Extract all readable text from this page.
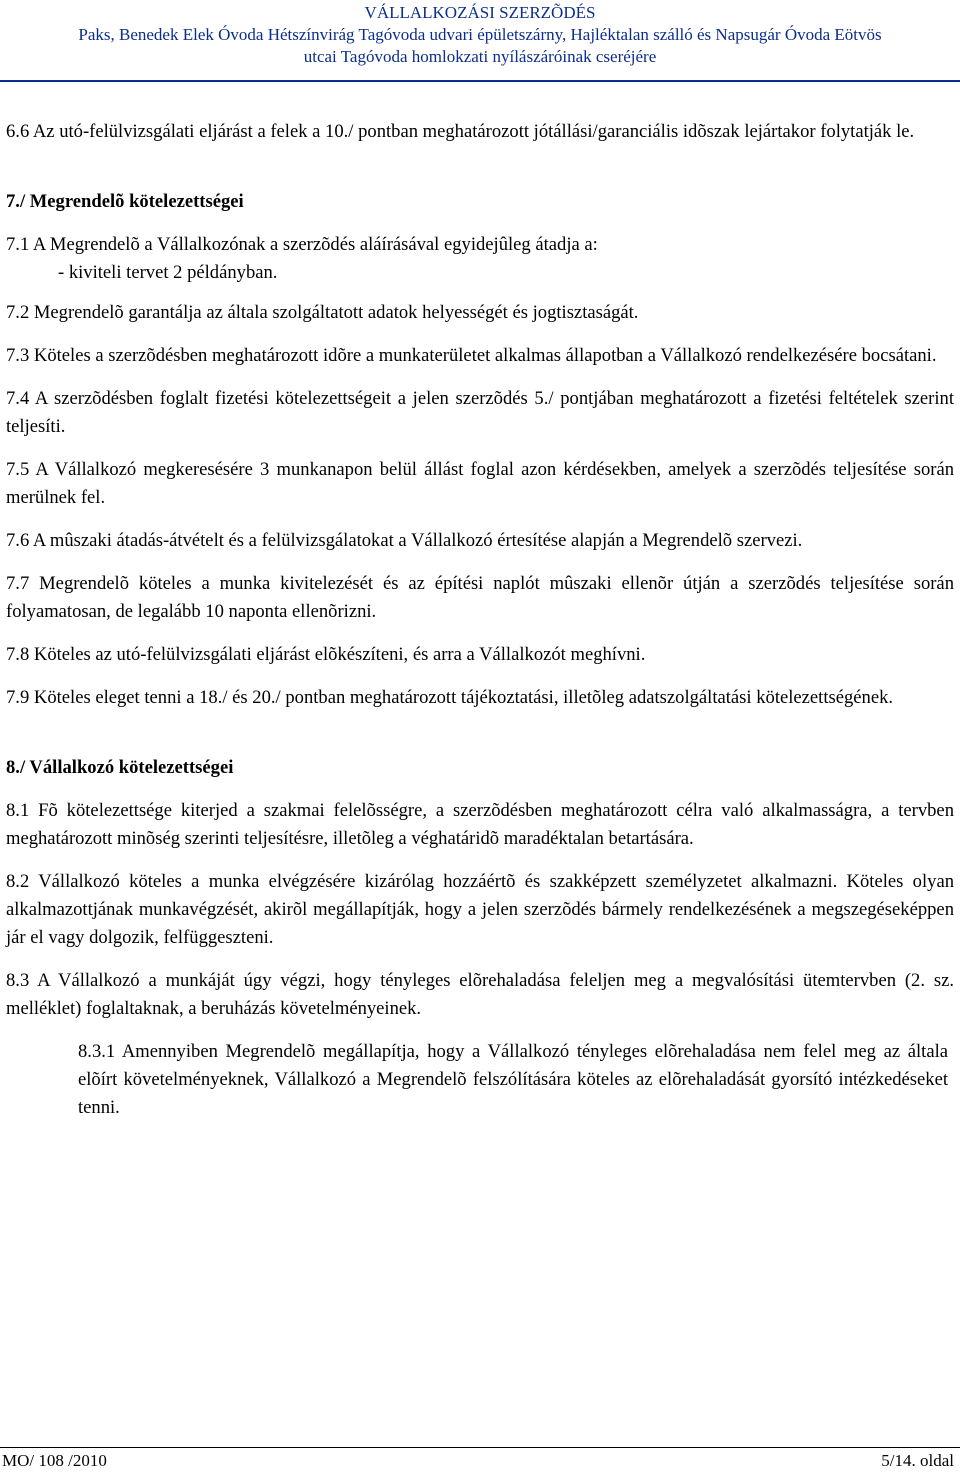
VÁLLALKOZÁSI SZERZÕDÉS
Paks, Benedek Elek Óvoda Hétszínvirág Tagóvoda udvari épületszárny, Hajléktalan szálló és Napsugár Óvoda Eötvös
utcai Tagóvoda homlokzati nyílászáróinak cseréjére

6.6 Az utó-felülvizsgálati eljárást a felek a 10./ pontban meghatározott jótállási/garanciális idõszak lejártakor folytatják le.

7./ Megrendelõ kötelezettségei

7.1 A Megrendelõ a Vállalkozónak a szerzõdés aláírásával egyidejûleg átadja a:

- kiviteli tervet 2 példányban.

7.2 Megrendelõ garantálja az általa szolgáltatott adatok helyességét és jogtisztaságát.

7.3 Köteles a szerzõdésben meghatározott idõre a munkaterületet alkalmas állapotban a Vállalkozó rendelkezésére bocsátani.

7.4 A szerzõdésben foglalt fizetési kötelezettségeit a jelen szerzõdés 5./ pontjában meghatározott a fizetési feltételek szerint teljesíti.

7.5 A Vállalkozó megkeresésére 3 munkanapon belül állást foglal azon kérdésekben, amelyek a szerzõdés teljesítése során merülnek fel.

7.6 A mûszaki átadás-átvételt és a felülvizsgálatokat a Vállalkozó értesítése alapján a Megrendelõ szervezi.

7.7 Megrendelõ köteles a munka kivitelezését és az építési naplót mûszaki ellenõr útján a szerzõdés teljesítése során folyamatosan, de legalább 10 naponta ellenõrizni.

7.8 Köteles az utó-felülvizsgálati eljárást elõkészíteni, és arra a Vállalkozót meghívni.

7.9 Köteles eleget tenni a 18./ és 20./ pontban meghatározott tájékoztatási, illetõleg adatszolgáltatási kötelezettségének.

8./ Vállalkozó kötelezettségei

8.1 Fõ kötelezettsége kiterjed a szakmai felelõsségre, a szerzõdésben meghatározott célra való alkalmasságra, a tervben meghatározott minõség szerinti teljesítésre, illetõleg a véghatáridõ maradéktalan betartására.

8.2 Vállalkozó köteles a munka elvégzésére kizárólag hozzáértõ és szakképzett személyzetet alkalmazni. Köteles olyan alkalmazottjának munkavégzését, akirõl megállapítják, hogy a jelen szerzõdés bármely rendelkezésének a megszegéseképpen jár el vagy dolgozik, felfüggeszteni.

8.3 A Vállalkozó a munkáját úgy végzi, hogy tényleges elõrehaladása feleljen meg a megvalósítási ütemtervben (2. sz. melléklet) foglaltaknak, a beruházás követelményeinek.

8.3.1 Amennyiben Megrendelõ megállapítja, hogy a Vállalkozó tényleges elõrehaladása nem felel meg az általa elõírt követelményeknek, Vállalkozó a Megrendelõ felszólítására köteles az elõrehaladását gyorsító intézkedéseket tenni.

MO/ 108 /2010	5/14. oldal
